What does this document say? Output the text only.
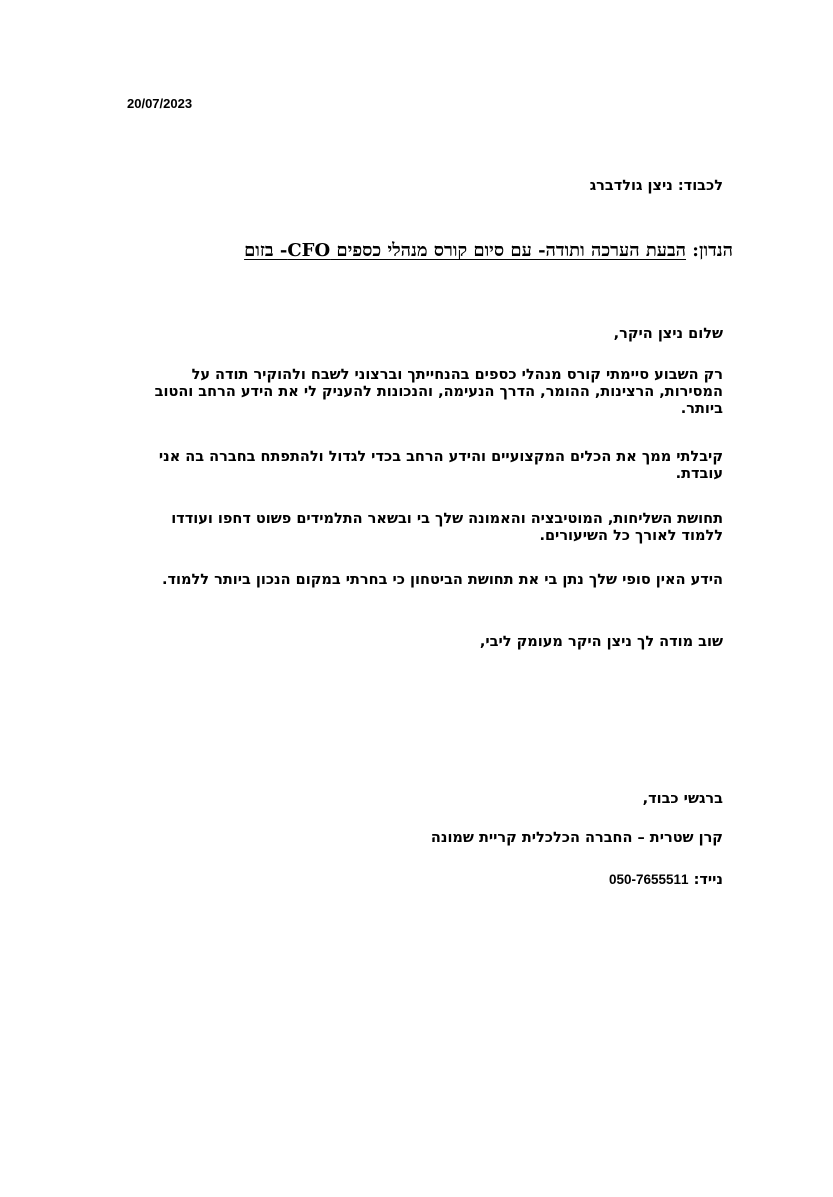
20/07/2023
לכבוד: ניצן גולדברג
הנדון: הבעת הערכה ותודה- עם סיום קורס מנהלי כספים CFO- בזום
שלום ניצן היקר,

רק השבוע סיימתי קורס מנהלי כספים בהנחייתך וברצוני לשבח ולהוקיר תודה על המסירות, הרצינות, ההומר, הדרך הנעימה, והנכונות להעניק לי את הידע הרחב והטוב ביותר.

קיבלתי ממך את הכלים המקצועיים והידע הרחב בכדי לגדול ולהתפתח בחברה בה אני עובדת.

תחושת השליחות, המוטיבציה והאמונה שלך בי ובשאר התלמידים פשוט דחפו ועודדו ללמוד לאורך כל השיעורים.

הידע האין סופי שלך נתן בי את תחושת הביטחון כי בחרתי במקום הנכון ביותר ללמוד.

שוב מודה לך ניצן היקר מעומק ליבי,

ברגשי כבוד,
קרן שטרית – החברה הכלכלית קריית שמונה
נייד: 050-7655511
